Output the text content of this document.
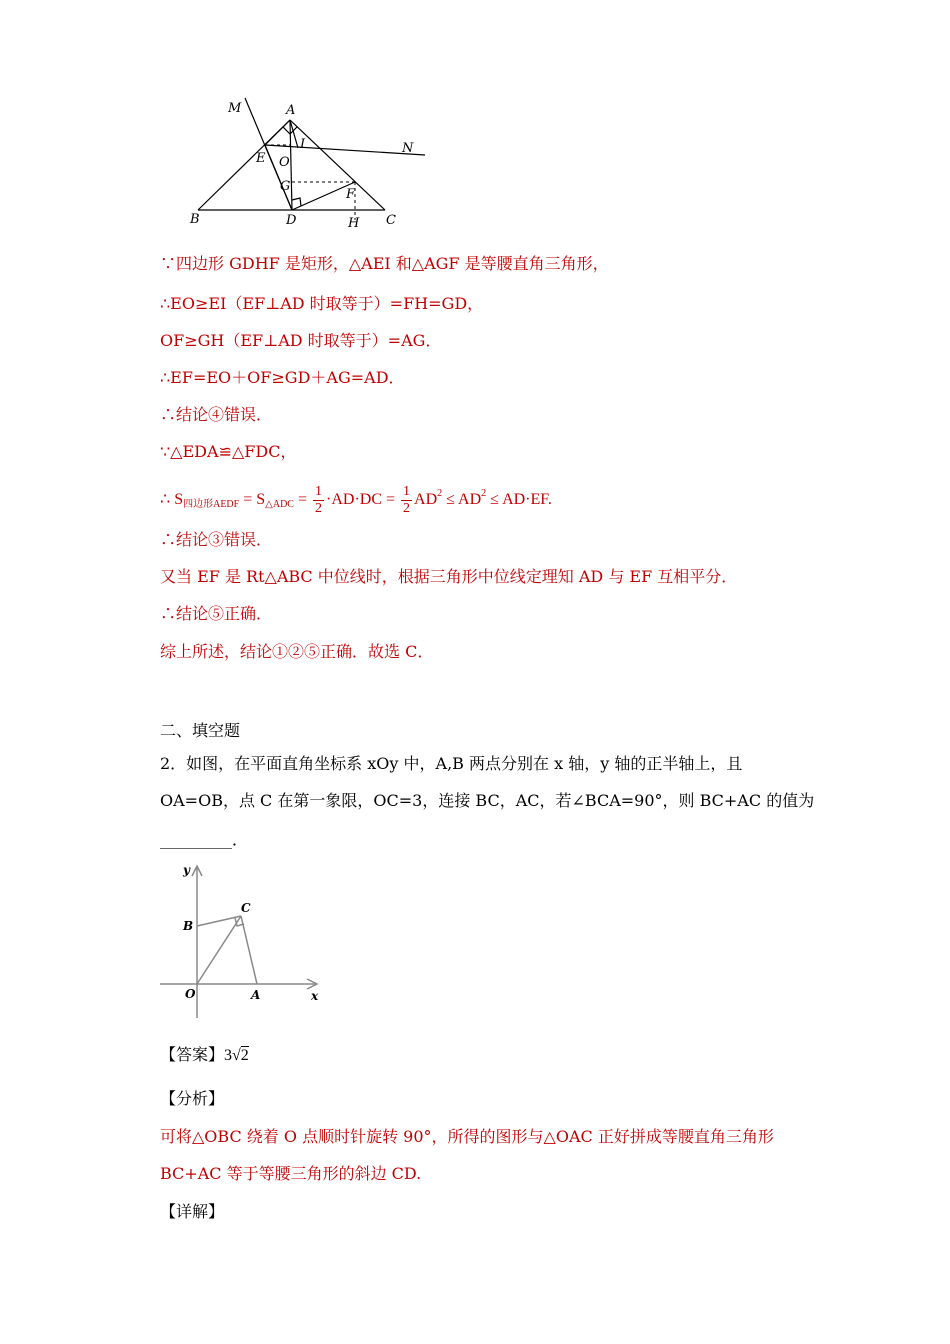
M	A
N
E
I
O
G
F
B	D	H C
∵四边形 GDHF 是矩形，△AEI 和△AGF 是等腰直角三角形，
∴EO≥EI（EF⊥AD 时取等于）=FH=GD，
OF≥GH（EF⊥AD 时取等于）=AG．
∴EF=EO＋OF≥GD＋AG=AD．
∴结论④错误．
∵△EDA≌△FDC，
∴ $S_{四边形AEDF} = S_{\triangle ADC} = \frac{1}{2} \cdot AD\cdot DC = \frac{1}{2} AD^2 \le AD^2 \le AD\cdot EF$.
∴结论③错误．
又当 EF 是 Rt△ABC 中位线时，根据三角形中位线定理知 AD 与 EF 互相平分．
∴结论⑤正确．
综上所述，结论①②⑤正确．故选 C．
二、填空题
2．如图，在平面直角坐标系 xOy 中，A,B 两点分别在 x 轴，y 轴的正半轴上，且
OA=OB，点 C 在第一象限，OC=3，连接 BC，AC，若∠BCA=90°，则 BC+AC 的值为
_________．
y
x
B
C
O	A
【答案】3√2
【分析】
可将△OBC 绕着 O 点顺时针旋转 90°，所得的图形与△OAC 正好拼成等腰直角三角形
BC+AC 等于等腰三角形的斜边 CD.
【详解】
